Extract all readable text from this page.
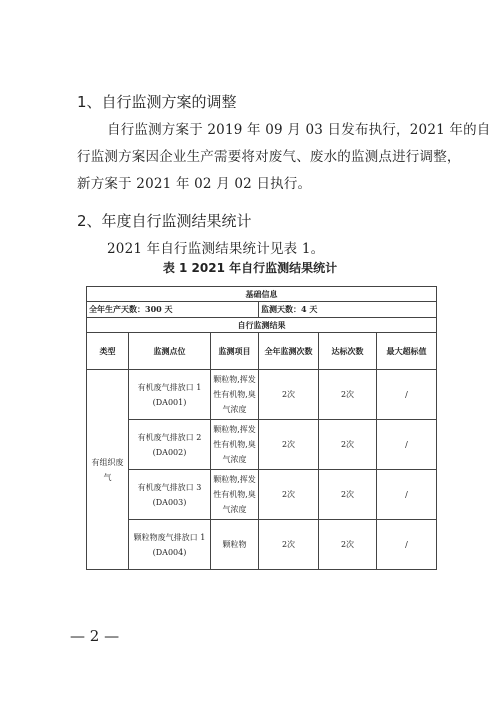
1、自行监测方案的调整
自行监测方案于 2019 年 09 月 03 日发布执行，2021 年的自
行监测方案因企业生产需要将对废气、废水的监测点进行调整，
新方案于 2021 年 02 月 02 日执行。
2、年度自行监测结果统计
2021 年自行监测结果统计见表 1。
表 1 2021 年自行监测结果统计
基础信息					
全年生产天数：300 天			监测天数：4 天		
自行监测结果					
类型	监测点位	监测项目	全年监测次数	达标次数	最大超标值
有组织废气	有机废气排放口 1
(DA001)	颗粒物,挥发
性有机物,臭
气浓度	2次	2次	/

	有机废气排放口 2
(DA002)	颗粒物,挥发
性有机物,臭
气浓度	2次	2次	/

	有机废气排放口 3
(DA003)	颗粒物,挥发
性有机物,臭
气浓度	2次	2次	/

	颗粒物废气排放口 1
(DA004)	颗粒物	2次	2次	/
— 2 —
